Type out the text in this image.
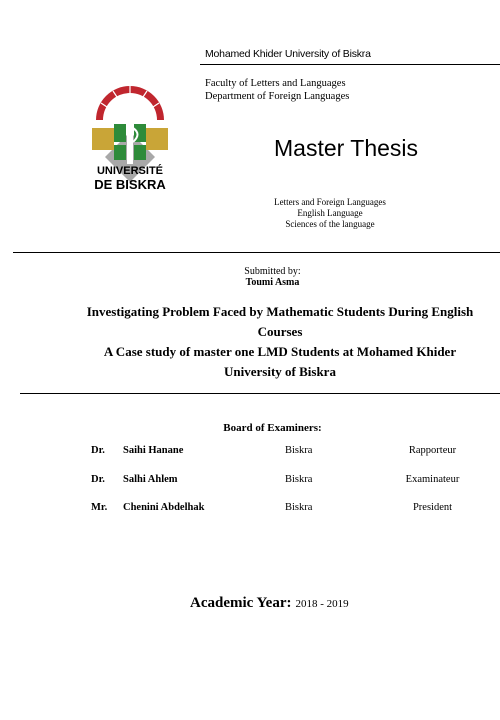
Mohamed Khider University of Biskra
Faculty of Letters and Languages
Department of Foreign Languages
UNIVERSITÉ
DE BISKRA
Master Thesis
Letters and Foreign Languages
English Language
Sciences of the language
Submitted by:
Toumi Asma
Investigating Problem Faced by Mathematic Students During English
Courses
A Case study of master one LMD Students at Mohamed Khider
University of Biskra
Board of Examiners:
Dr. Saihi Hanane	Biskra	Rapporteur
Dr. Salhi Ahlem	Biskra	Examinateur
Mr. Chenini Abdelhak	Biskra	President
Academic Year: 2018 - 2019
